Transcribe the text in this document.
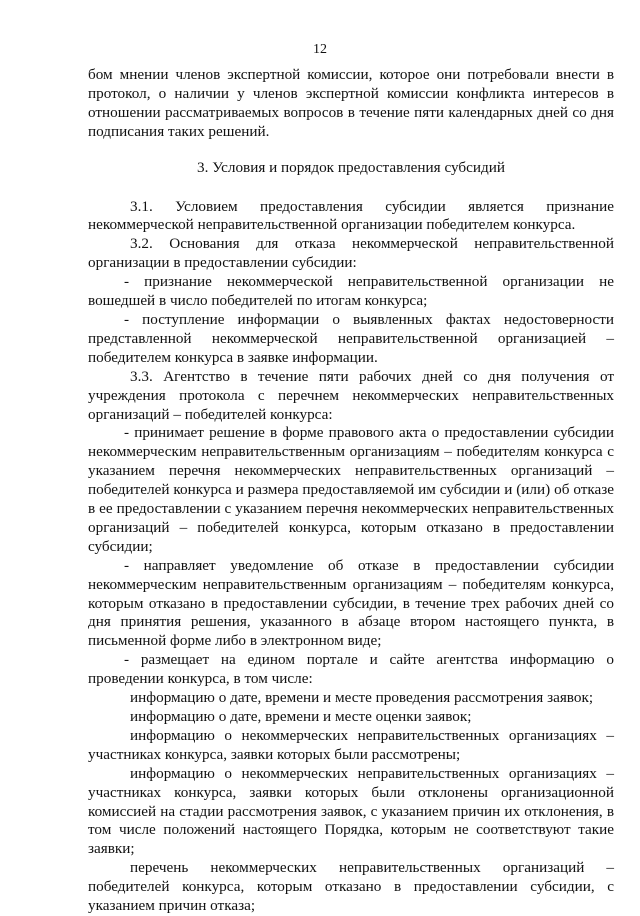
12

бом мнении членов экспертной комиссии, которое они потребовали внести в протокол, о наличии у членов экспертной комиссии конфликта интересов в отношении рассматриваемых вопросов в течение пяти календарных дней со дня подписания таких решений.

3. Условия и порядок предоставления субсидий

3.1. Условием предоставления субсидии является признание некоммерческой неправительственной организации победителем конкурса.

3.2. Основания для отказа некоммерческой неправительственной организации в предоставлении субсидии:

- признание некоммерческой неправительственной организации не вошедшей в число победителей по итогам конкурса;

- поступление информации о выявленных фактах недостоверности представленной некоммерческой неправительственной организацией – победителем конкурса в заявке информации.

3.3. Агентство в течение пяти рабочих дней со дня получения от учреждения протокола с перечнем некоммерческих неправительственных организаций – победителей конкурса:

- принимает решение в форме правового акта о предоставлении субсидии некоммерческим неправительственным организациям – победителям конкурса с указанием перечня некоммерческих неправительственных организаций – победителей конкурса и размера предоставляемой им субсидии и (или) об отказе в ее предоставлении с указанием перечня некоммерческих неправительственных организаций – победителей конкурса, которым отказано в предоставлении субсидии;

- направляет уведомление об отказе в предоставлении субсидии некоммерческим неправительственным организациям – победителям конкурса, которым отказано в предоставлении субсидии, в течение трех рабочих дней со дня принятия решения, указанного в абзаце втором настоящего пункта, в письменной форме либо в электронном виде;

- размещает на едином портале и сайте агентства информацию о проведении конкурса, в том числе:

информацию о дате, времени и месте проведения рассмотрения заявок;

информацию о дате, времени и месте оценки заявок;

информацию о некоммерческих неправительственных организациях – участниках конкурса, заявки которых были рассмотрены;

информацию о некоммерческих неправительственных организациях – участниках конкурса, заявки которых были отклонены организационной комиссией на стадии рассмотрения заявок, с указанием причин их отклонения, в том числе положений настоящего Порядка, которым не соответствуют такие заявки;

перечень некоммерческих неправительственных организаций – победителей конкурса, которым отказано в предоставлении субсидии, с указанием причин отказа;
